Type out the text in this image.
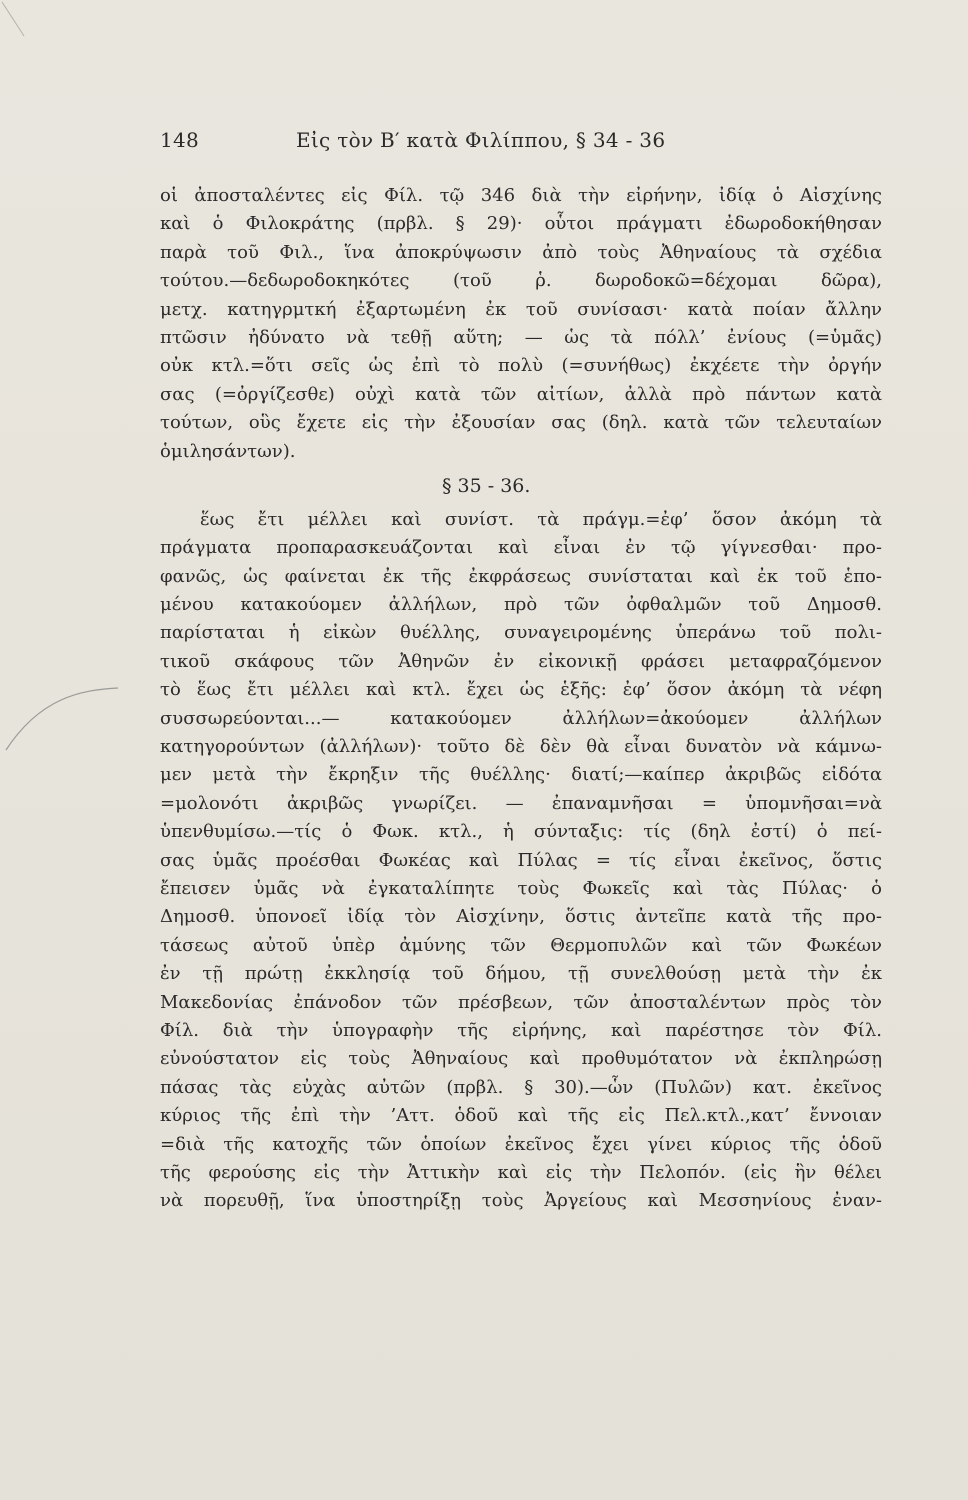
148	Εἰς τὸν Β′ κατὰ Φιλίππου, § 34 - 36
οἱ ἀποσταλέντες εἰς Φίλ. τῷ 346 διὰ τὴν εἰρήνην, ἰδίᾳ ὁ Αἰσχίνης
καὶ ὁ Φιλοκράτης (πρβλ. § 29)· οὗτοι πράγματι ἐδωροδοκήθησαν
παρὰ τοῦ Φιλ., ἵνα ἀποκρύψωσιν ἀπὸ τοὺς Ἀθηναίους τὰ σχέδια
τούτου.—δεδωροδοκηκότες (τοῦ ῥ. δωροδοκῶ=δέχομαι δῶρα),
μετχ. κατηγρμτκή ἐξαρτωμένη ἐκ τοῦ συνίσασι· κατὰ ποίαν ἄλλην
πτῶσιν ἠδύνατο νὰ τεθῇ αὕτη; — ὡς τὰ πόλλ’ ἐνίους (=ὑμᾶς)
οὐκ κτλ.=ὅτι σεῖς ὡς ἐπὶ τὸ πολὺ (=συνήθως) ἐκχέετε τὴν ὀργήν
σας (=ὀργίζεσθε) οὐχὶ κατὰ τῶν αἰτίων, ἀλλὰ πρὸ πάντων κατὰ
τούτων, οὓς ἔχετε εἰς τὴν ἐξουσίαν σας (δηλ. κατὰ τῶν τελευταίων
ὁμιλησάντων).
§ 35 - 36.
ἕως ἔτι μέλλει καὶ συνίστ. τὰ πράγμ.=ἐφ’ ὅσον ἀκόμη τὰ
πράγματα προπαρασκευάζονται καὶ εἶναι ἐν τῷ γίγνεσθαι· προ-
φανῶς, ὡς φαίνεται ἐκ τῆς ἐκφράσεως συνίσταται καὶ ἐκ τοῦ ἑπο-
μένου κατακούομεν ἀλλήλων, πρὸ τῶν ὀφθαλμῶν τοῦ Δημοσθ.
παρίσταται ἡ εἰκὼν θυέλλης, συναγειρομένης ὑπεράνω τοῦ πολι-
τικοῦ σκάφους τῶν Ἀθηνῶν ἐν εἰκονικῇ φράσει μεταφραζόμενον
τὸ ἕως ἔτι μέλλει καὶ κτλ. ἔχει ὡς ἑξῆς: ἐφ’ ὅσον ἀκόμη τὰ νέφη
συσσωρεύονται...— κατακούομεν ἀλλήλων=ἀκούομεν ἀλλήλων
κατηγορούντων (ἀλλήλων)· τοῦτο δὲ δὲν θὰ εἶναι δυνατὸν νὰ κάμνω-
μεν μετὰ τὴν ἔκρηξιν τῆς θυέλλης· διατί;—καίπερ ἀκριβῶς εἰδότα
=μολονότι ἀκριβῶς γνωρίζει. — ἐπαναμνῆσαι = ὑπομνῆσαι=νὰ
ὑπενθυμίσω.—τίς ὁ Φωκ. κτλ., ἡ σύνταξις: τίς (δηλ ἐστί) ὁ πεί-
σας ὑμᾶς προέσθαι Φωκέας καὶ Πύλας = τίς εἶναι ἐκεῖνος, ὅστις
ἔπεισεν ὑμᾶς νὰ ἐγκαταλίπητε τοὺς Φωκεῖς καὶ τὰς Πύλας· ὁ
Δημοσθ. ὑπονοεῖ ἰδίᾳ τὸν Αἰσχίνην, ὅστις ἀντεῖπε κατὰ τῆς προ-
τάσεως αὐτοῦ ὑπὲρ ἀμύνης τῶν Θερμοπυλῶν καὶ τῶν Φωκέων
ἐν τῇ πρώτῃ ἐκκλησίᾳ τοῦ δήμου, τῇ συνελθούσῃ μετὰ τὴν ἐκ
Μακεδονίας ἐπάνοδον τῶν πρέσβεων, τῶν ἀποσταλέντων πρὸς τὸν
Φίλ. διὰ τὴν ὑπογραφὴν τῆς εἰρήνης, καὶ παρέστησε τὸν Φίλ.
εὐνούστατον εἰς τοὺς Ἀθηναίους καὶ προθυμότατον νὰ ἐκπληρώσῃ
πάσας τὰς εὐχὰς αὐτῶν (πρβλ. § 30).—ὧν (Πυλῶν) κατ. ἐκεῖνος
κύριος τῆς ἐπὶ τὴν ’Αττ. ὁδοῦ καὶ τῆς εἰς Πελ.κτλ.,κατ’ ἔννοιαν
=διὰ τῆς κατοχῆς τῶν ὁποίων ἐκεῖνος ἔχει γίνει κύριος τῆς ὁδοῦ
τῆς φερούσης εἰς τὴν Ἀττικὴν καὶ εἰς τὴν Πελοπόν. (εἰς ἣν θέλει
νὰ πορευθῇ, ἵνα ὑποστηρίξῃ τοὺς Ἀργείους καὶ Μεσσηνίους ἐναν-
